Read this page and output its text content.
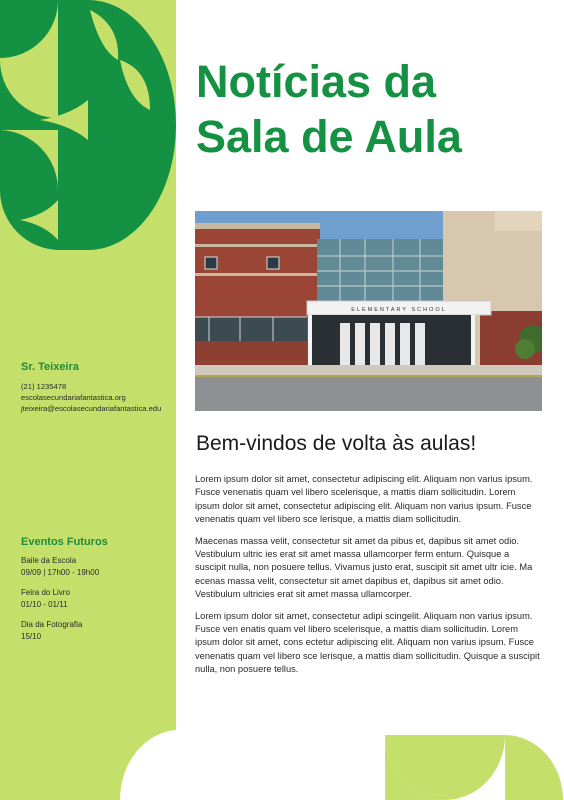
Sr. Teixeira
(21) 1235478
escolasecundariafantastica.org
jteixeira@escolasecundariafantastica.edu
Eventos Futuros
Baile da Escola
09/09 | 17h00 - 19h00
Feira do Livro
01/10 - 01/11
Dia da Fotografia
15/10
Notícias da
Sala de Aula
ELEMENTARY SCHOOL
Bem-vindos de volta às aulas!

Lorem ipsum dolor sit amet, consectetur adipiscing elit. Aliquam non varius ipsum. Fusce venenatis quam vel libero scelerisque, a mattis diam sollicitudin. Lorem ipsum dolor sit amet, consectetur adipiscing elit. Aliquam non varius ipsum. Fusce venenatis quam vel libero sce lerisque, a mattis diam sollicitudin.

Maecenas massa velit, consectetur sit amet da pibus et, dapibus sit amet odio. Vestibulum ultric ies erat sit amet massa ullamcorper ferm entum. Quisque a suscipit nulla, non posuere tellus. Vivamus justo erat, suscipit sit amet ultr icie. Ma ecenas massa velit, consectetur sit amet dapibus et, dapibus sit amet odio. Vestibulum ultricies erat sit amet massa ullamcorper.

Lorem ipsum dolor sit amet, consectetur adipi scingelit. Aliquam non varius ipsum. Fusce ven enatis quam vel libero scelerisque, a mattis diam sollicitudin. Lorem ipsum dolor sit amet, cons ectetur adipiscing elit. Aliquam non varius ipsum. Fusce venenatis quam vel libero sce lerisque, a mattis diam sollicitudin. Quisque a suscipit nulla, non posuere tellus.
